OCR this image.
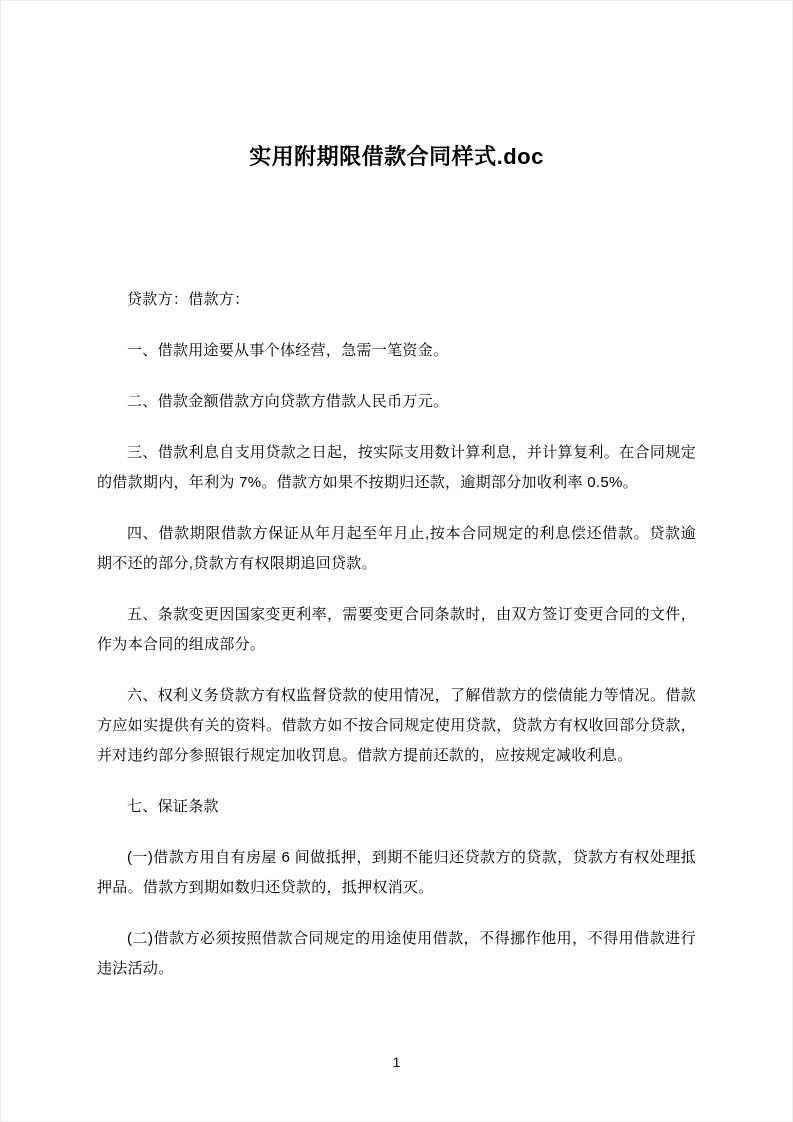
实用附期限借款合同样式.doc

贷款方：借款方：

一、借款用途要从事个体经营，急需一笔资金。

二、借款金额借款方向贷款方借款人民币万元。

三、借款利息自支用贷款之日起，按实际支用数计算利息，并计算复利。在合同规定的借款期内，年利为 7%。借款方如果不按期归还款，逾期部分加收利率 0.5%。

四、借款期限借款方保证从年月起至年月止,按本合同规定的利息偿还借款。贷款逾期不还的部分,贷款方有权限期追回贷款。

五、条款变更因国家变更利率，需要变更合同条款时，由双方签订变更合同的文件，作为本合同的组成部分。

六、权利义务贷款方有权监督贷款的使用情况，了解借款方的偿债能力等情况。借款方应如实提供有关的资料。借款方如不按合同规定使用贷款，贷款方有权收回部分贷款，并对违约部分参照银行规定加收罚息。借款方提前还款的，应按规定减收利息。

七、保证条款

(一)借款方用自有房屋 6 间做抵押，到期不能归还贷款方的贷款，贷款方有权处理抵押品。借款方到期如数归还贷款的，抵押权消灭。

(二)借款方必须按照借款合同规定的用途使用借款，不得挪作他用，不得用借款进行违法活动。

1
